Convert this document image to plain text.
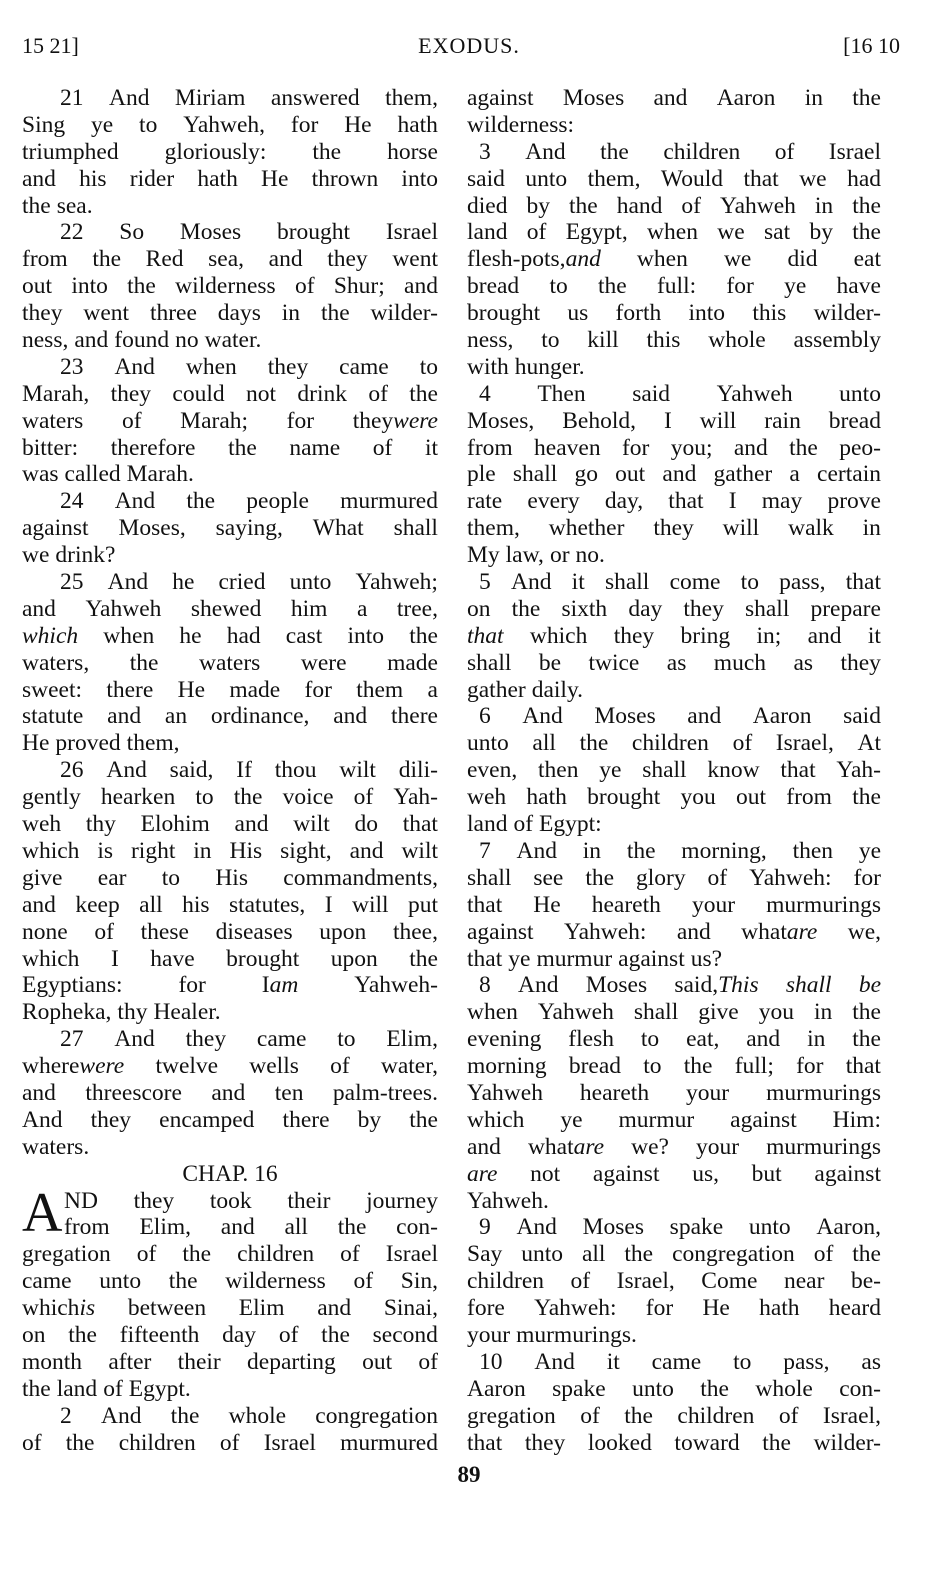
15 21]	EXODUS.	[16 10
21 And Miriam answered them,
Sing ye to Yahweh, for He hath
triumphed gloriously: the horse
and his rider hath He thrown into
the sea.
22 So Moses brought Israel
from the Red sea, and they went
out into the wilderness of Shur; and
they went three days in the wilder-
ness, and found no water.
23 And when they came to
Marah, they could not drink of the
waters of Marah; for theywere
bitter: therefore the name of it
was called Marah.
24 And the people murmured
against Moses, saying, What shall
we drink?
25 And he cried unto Yahweh;
and Yahweh shewed him a tree,
which when he had cast into the
waters, the waters were made
sweet: there He made for them a
statute and an ordinance, and there
He proved them,
26 And said, If thou wilt dili-
gently hearken to the voice of Yah-
weh thy Elohim and wilt do that
which is right in His sight, and wilt
give ear to His commandments,
and keep all his statutes, I will put
none of these diseases upon thee,
which I have brought upon the
Egyptians: for Iam Yahweh-
Ropheka, thy Healer.
27 And they came to Elim,
wherewere twelve wells of water,
and threescore and ten palm-trees.
And they encamped there by the
waters.
CHAP. 16
A ND they took their journey
from Elim, and all the con-
gregation of the children of Israel
came unto the wilderness of Sin,
whichis between Elim and Sinai,
on the fifteenth day of the second
month after their departing out of
the land of Egypt.
2 And the whole congregation
of the children of Israel murmured
against Moses and Aaron in the
wilderness:
3 And the children of Israel
said unto them, Would that we had
died by the hand of Yahweh in the
land of Egypt, when we sat by the
flesh-pots,and when we did eat
bread to the full: for ye have
brought us forth into this wilder-
ness, to kill this whole assembly
with hunger.
4 Then said Yahweh unto
Moses, Behold, I will rain bread
from heaven for you; and the peo-
ple shall go out and gather a certain
rate every day, that I may prove
them, whether they will walk in
My law, or no.
5 And it shall come to pass, that
on the sixth day they shall prepare
that which they bring in; and it
shall be twice as much as they
gather daily.
6 And Moses and Aaron said
unto all the children of Israel, At
even, then ye shall know that Yah-
weh hath brought you out from the
land of Egypt:
7 And in the morning, then ye
shall see the glory of Yahweh: for
that He heareth your murmurings
against Yahweh: and whatare we,
that ye murmur against us?
8 And Moses said,This shall be
when Yahweh shall give you in the
evening flesh to eat, and in the
morning bread to the full; for that
Yahweh heareth your murmurings
which ye murmur against Him:
and whatare we? your murmurings
are not against us, but against
Yahweh.
9 And Moses spake unto Aaron,
Say unto all the congregation of the
children of Israel, Come near be-
fore Yahweh: for He hath heard
your murmurings.
10 And it came to pass, as
Aaron spake unto the whole con-
gregation of the children of Israel,
that they looked toward the wilder-
89
